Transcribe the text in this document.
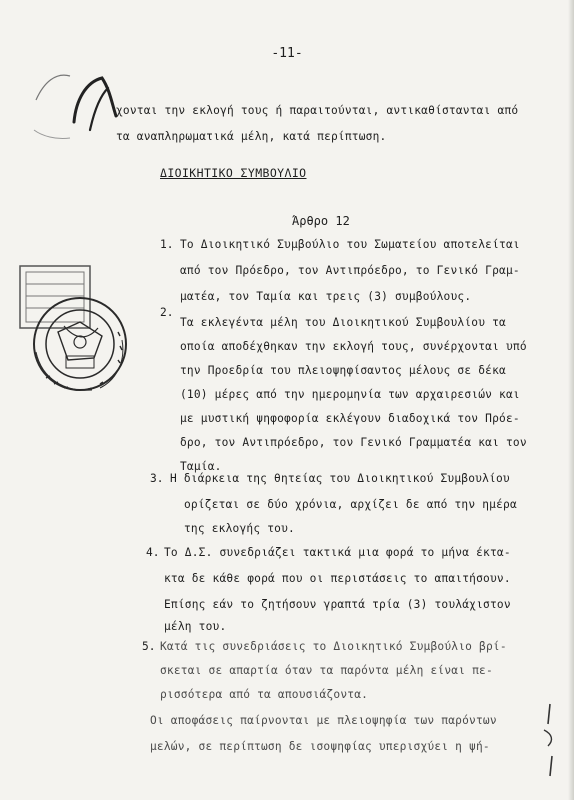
-11-
χονται την εκλογή τους ή παραιτούνται, αντικαθίστανται από
τα αναπληρωματικά μέλη, κατά περίπτωση.
ΔΙΟΙΚΗΤΙΚΟ ΣΥΜΒΟΥΛΙΟ
Άρθρο 12
1. Το Διοικητικό Συμβούλιο του Σωματείου αποτελείται
από τον Πρόεδρο, τον Αντιπρόεδρο, το Γενικό Γραμ-
ματέα, τον Ταμία και τρεις (3) συμβούλους.
2.
Τα εκλεγέντα μέλη του Διοικητικού Συμβουλίου τα
οποία αποδέχθηκαν την εκλογή τους, συνέρχονται υπό
την Προεδρία του πλειοψηφίσαντος μέλους σε δέκα
(10) μέρες από την ημερομηνία των αρχαιρεσιών και
με μυστική ψηφοφορία εκλέγουν διαδοχικά τον Πρόε-
δρο, τον Αντιπρόεδρο, τον Γενικό Γραμματέα και τον
Ταμία.
3. Η διάρκεια της θητείας του Διοικητικού Συμβουλίου
ορίζεται σε δύο χρόνια, αρχίζει δε από την ημέρα
της εκλογής του.
4. Το Δ.Σ. συνεδριάζει τακτικά μια φορά το μήνα έκτα-
κτα δε κάθε φορά που οι περιστάσεις το απαιτήσουν.
Επίσης εάν το ζητήσουν γραπτά τρία (3) τουλάχιστον
μέλη του.
5. Κατά τις συνεδριάσεις το Διοικητικό Συμβούλιο βρί-
σκεται σε απαρτία όταν τα παρόντα μέλη είναι πε-
ρισσότερα από τα απουσιάζοντα.
Οι αποφάσεις παίρνονται με πλειοψηφία των παρόντων
μελών, σε περίπτωση δε ισοψηφίας υπερισχύει η ψή-
